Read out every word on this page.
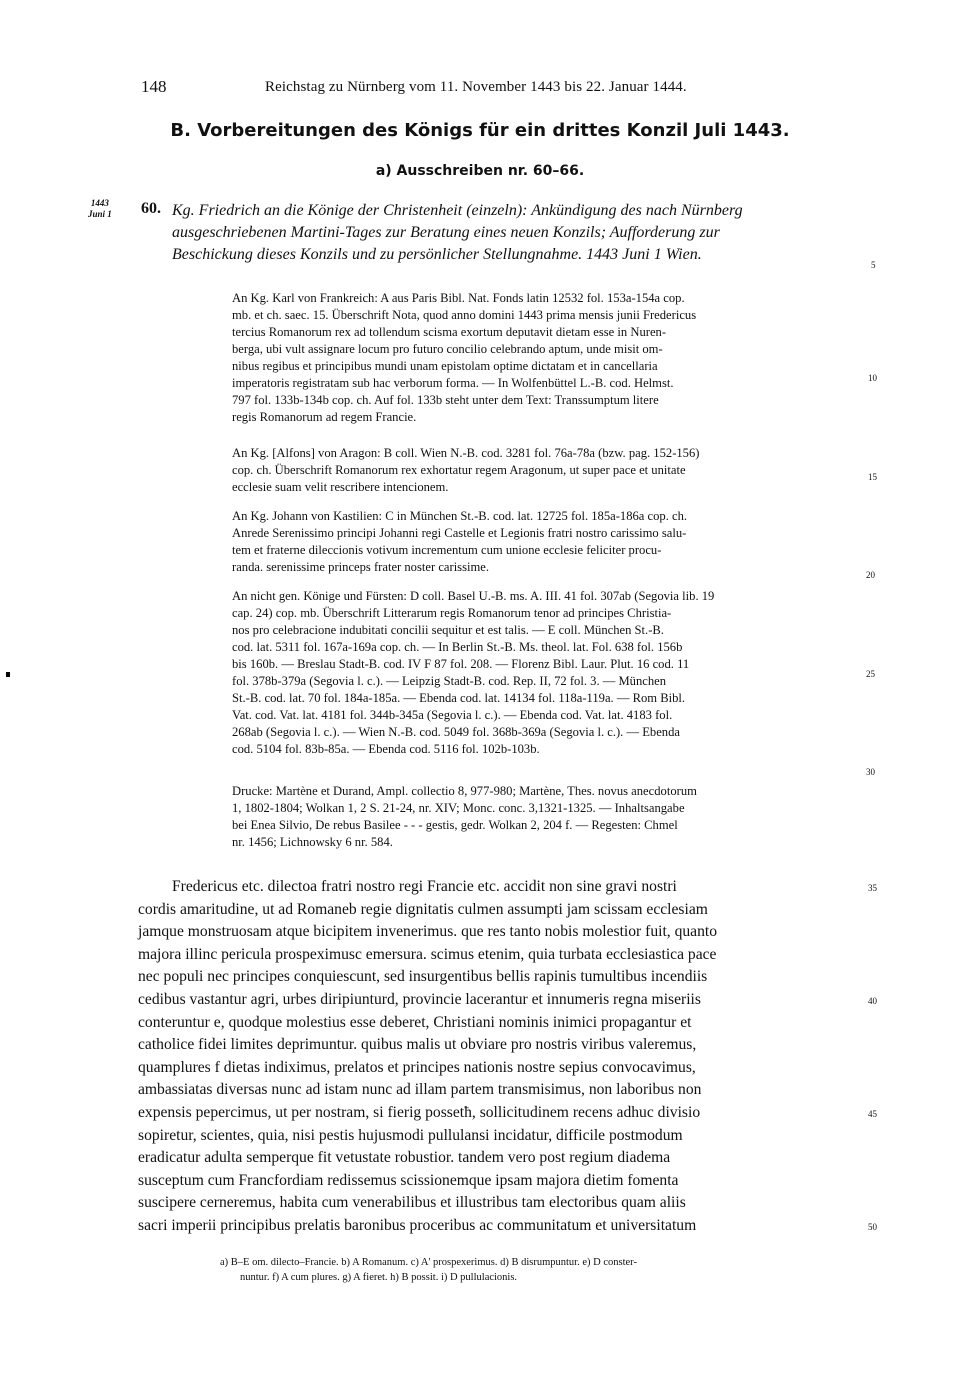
148	Reichstag zu Nürnberg vom 11. November 1443 bis 22. Januar 1444.
B. Vorbereitungen des Königs für ein drittes Konzil Juli 1443.
a) Ausschreiben nr. 60–66.
1443
Juni 1 60. Kg. Friedrich an die Könige der Christenheit (einzeln): Ankündigung des nach Nürnberg
ausgeschriebenen Martini-Tages zur Beratung eines neuen Konzils; Aufforderung zur
Beschickung dieses Konzils und zu persönlicher Stellungnahme. 1443 Juni 1 Wien.
An Kg. Karl von Frankreich: A aus Paris Bibl. Nat. Fonds latin 12532 fol. 153a-154a cop.
mb. et ch. saec. 15. Überschrift Nota, quod anno domini 1443 prima mensis junii Fredericus
tercius Romanorum rex ad tollendum scisma exortum deputavit dietam esse in Nuren-
berga, ubi vult assignare locum pro futuro concilio celebrando aptum, unde misit om-
nibus regibus et principibus mundi unam epistolam optime dictatam et in cancellaria
imperatoris registratam sub hac verborum forma. — In Wolfenbüttel L.-B. cod. Helmst.
797 fol. 133b-134b cop. ch. Auf fol. 133b steht unter dem Text: Transsumptum litere
regis Romanorum ad regem Francie.
An Kg. [Alfons] von Aragon: B coll. Wien N.-B. cod. 3281 fol. 76a-78a (bzw. pag. 152-156)
cop. ch. Überschrift Romanorum rex exhortatur regem Aragonum, ut super pace et unitate
ecclesie suam velit rescribere intencionem.
An Kg. Johann von Kastilien: C in München St.-B. cod. lat. 12725 fol. 185a-186a cop. ch.
Anrede Serenissimo principi Johanni regi Castelle et Legionis fratri nostro carissimo salu-
tem et fraterne dileccionis votivum incrementum cum unione ecclesie feliciter procu-
randa. serenissime princeps frater noster carissime.
An nicht gen. Könige und Fürsten: D coll. Basel U.-B. ms. A. III. 41 fol. 307ab (Segovia lib. 19
cap. 24) cop. mb. Überschrift Litterarum regis Romanorum tenor ad principes Christia-
nos pro celebracione indubitati concilii sequitur et est talis. — E coll. München St.-B.
cod. lat. 5311 fol. 167a-169a cop. ch. — In Berlin St.-B. Ms. theol. lat. Fol. 638 fol. 156b
bis 160b. — Breslau Stadt-B. cod. IV F 87 fol. 208. — Florenz Bibl. Laur. Plut. 16 cod. 11
fol. 378b-379a (Segovia l. c.). — Leipzig Stadt-B. cod. Rep. II, 72 fol. 3. — München
St.-B. cod. lat. 70 fol. 184a-185a. — Ebenda cod. lat. 14134 fol. 118a-119a. — Rom Bibl.
Vat. cod. Vat. lat. 4181 fol. 344b-345a (Segovia l. c.). — Ebenda cod. Vat. lat. 4183 fol.
268ab (Segovia l. c.). — Wien N.-B. cod. 5049 fol. 368b-369a (Segovia l. c.). — Ebenda
cod. 5104 fol. 83b-85a. — Ebenda cod. 5116 fol. 102b-103b.
Drucke: Martène et Durand, Ampl. collectio 8, 977-980; Martène, Thes. novus anecdotorum
1, 1802-1804; Wolkan 1, 2 S. 21-24, nr. XIV; Monc. conc. 3,1321-1325. — Inhaltsangabe
bei Enea Silvio, De rebus Basilee - - - gestis, gedr. Wolkan 2, 204 f. — Regesten: Chmel
nr. 1456; Lichnowsky 6 nr. 584.
5
10
15
20
25
30
Fredericus etc. dilectoa fratri nostro regi Francie etc. accidit non sine gravi nostri
cordis amaritudine, ut ad Romaneb regie dignitatis culmen assumpti jam scissam ecclesiam
jamque monstruosam atque bicipitem invenerimus. que res tanto nobis molestior fuit, quanto
majora illinc pericula prospeximusc emersura. scimus etenim, quia turbata ecclesiastica pace
nec populi nec principes conquiescunt, sed insurgentibus bellis rapinis tumultibus incendiis
cedibus vastantur agri, urbes diripiunturd, provincie lacerantur et innumeris regna miseriis
conteruntur e, quodque molestius esse deberet, Christiani nominis inimici propagantur et
catholice fidei limites deprimuntur. quibus malis ut obviare pro nostris viribus valeremus,
quamplures f dietas indiximus, prelatos et principes nationis nostre sepius convocavimus,
ambassiatas diversas nunc ad istam nunc ad illam partem transmisimus, non laboribus non
expensis pepercimus, ut per nostram, si fierig possetħ, sollicitudinem recens adhuc divisio
sopiretur, scientes, quia, nisi pestis hujusmodi pullulansi incidatur, difficile postmodum
eradicatur adulta semperque fit vetustate robustior. tandem vero post regium diadema
susceptum cum Francfordiam redissemus scissionemque ipsam majora dietim fomenta
suscipere cerneremus, habita cum venerabilibus et illustribus tam electoribus quam aliis
sacri imperii principibus prelatis baronibus proceribus ac communitatum et universitatum
35
40
45
50
a) B–E om. dilecto–Francie. b) A Romanum. c) A' prospexerimus. d) B disrumpuntur. e) D conster-
nuntur. f) A cum plures. g) A fieret. h) B possit. i) D pullulacionis.
